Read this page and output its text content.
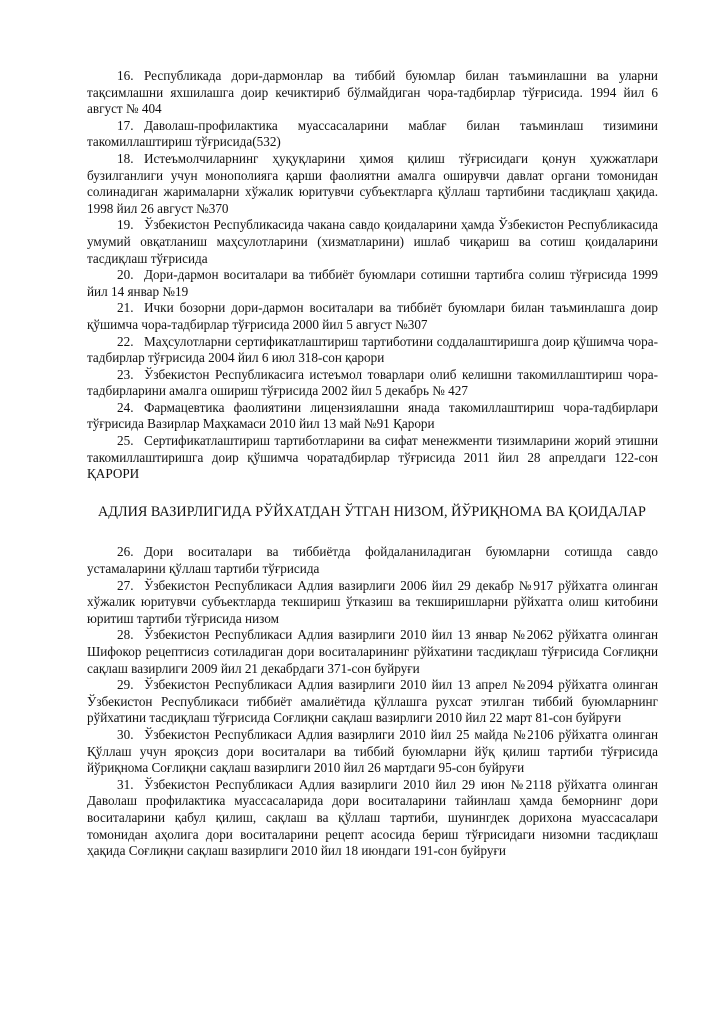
16. Республикада дори-дармонлар ва тиббий буюмлар билан таъминлашни ва уларни тақсимлашни яхшилашга доир кечиктириб бўлмайдиган чора-тадбирлар тўғрисида. 1994 йил 6 август № 404

17. Даволаш-профилактика муассасаларини маблағ билан таъминлаш тизимини такомиллаштириш тўғрисида(532)

18. Истеъмолчиларнинг ҳуқуқларини ҳимоя қилиш тўғрисидаги қонун ҳужжатлари бузилганлиги учун монополияга қарши фаолиятни амалга оширувчи давлат органи томонидан солинадиган жарималарни хўжалик юритувчи субъектларга қўллаш тартибини тасдиқлаш ҳақида. 1998 йил 26 август №370

19. Ўзбекистон Республикасида чакана савдо қоидаларини ҳамда Ўзбекистон Республикасида умумий овқатланиш маҳсулотларини (хизматларини) ишлаб чиқариш ва сотиш қоидаларини тасдиқлаш тўғрисида

20. Дори-дармон воситалари ва тиббиёт буюмлари сотишни тартибга солиш тўғрисида 1999 йил 14 январ №19

21. Ички бозорни дори-дармон воситалари ва тиббиёт буюмлари билан таъминлашга доир қўшимча чора-тадбирлар тўғрисида 2000 йил 5 август №307

22. Маҳсулотларни сертификатлаштириш тартиботини соддалаштиришга доир қўшимча чора-тадбирлар тўғрисида 2004 йил 6 июл 318-сон қарори

23. Ўзбекистон Республикасига истеъмол товарлари олиб келишни такомиллаштириш чора-тадбирларини амалга ошириш тўғрисида 2002 йил 5 декабрь № 427

24. Фармацевтика фаолиятини лицензиялашни янада такомиллаштириш чора-тадбирлари тўғрисида Вазирлар Маҳкамаси 2010 йил 13 май №91 Қарори

25. Сертификатлаштириш тартиботларини ва сифат менежменти тизимларини жорий этишни такомиллаштиришга доир қўшимча чоратадбирлар тўғрисида 2011 йил 28 апрелдаги 122-сон ҚАРОРИ

АДЛИЯ ВАЗИРЛИГИДА РЎЙХАТДАН ЎТГАН НИЗОМ, ЙЎРИҚНОМА ВА ҚОИДАЛАР

26. Дори воситалари ва тиббиётда фойдаланиладиган буюмларни сотишда савдо устамаларини қўллаш тартиби тўғрисида

27. Ўзбекистон Республикаси Адлия вазирлиги 2006 йил 29 декабр №917 рўйхатга олинган хўжалик юритувчи субъектларда текшириш ўтказиш ва текширишларни рўйхатга олиш китобини юритиш тартиби тўғрисида низом

28. Ўзбекистон Республикаси Адлия вазирлиги 2010 йил 13 январ №2062 рўйхатга олинган Шифокор рецептисиз сотиладиган дори воситаларининг рўйхатини тасдиқлаш тўғрисида Соғлиқни сақлаш вазирлиги 2009 йил 21 декабрдаги 371-сон буйруғи

29. Ўзбекистон Республикаси Адлия вазирлиги 2010 йил 13 апрел №2094 рўйхатга олинган Ўзбекистон Республикаси тиббиёт амалиётида қўллашга рухсат этилган тиббий буюмларнинг рўйхатини тасдиқлаш тўғрисида Соғлиқни сақлаш вазирлиги 2010 йил 22 март 81-сон буйруғи

30. Ўзбекистон Республикаси Адлия вазирлиги 2010 йил 25 майда №2106 рўйхатга олинган Қўллаш учун яроқсиз дори воситалари ва тиббий буюмларни йўқ қилиш тартиби тўғрисида йўриқнома Соғлиқни сақлаш вазирлиги 2010 йил 26 мартдаги 95-сон буйруғи

31. Ўзбекистон Республикаси Адлия вазирлиги 2010 йил 29 июн №2118 рўйхатга олинган Даволаш профилактика муассасаларида дори воситаларини тайинлаш ҳамда беморнинг дори воситаларини қабул қилиш, сақлаш ва қўллаш тартиби, шунингдек дорихона муассасалари томонидан аҳолига дори воситаларини рецепт асосида бериш тўғрисидаги низомни тасдиқлаш ҳақида Соғлиқни сақлаш вазирлиги 2010 йил 18 июндаги 191-сон буйруғи
